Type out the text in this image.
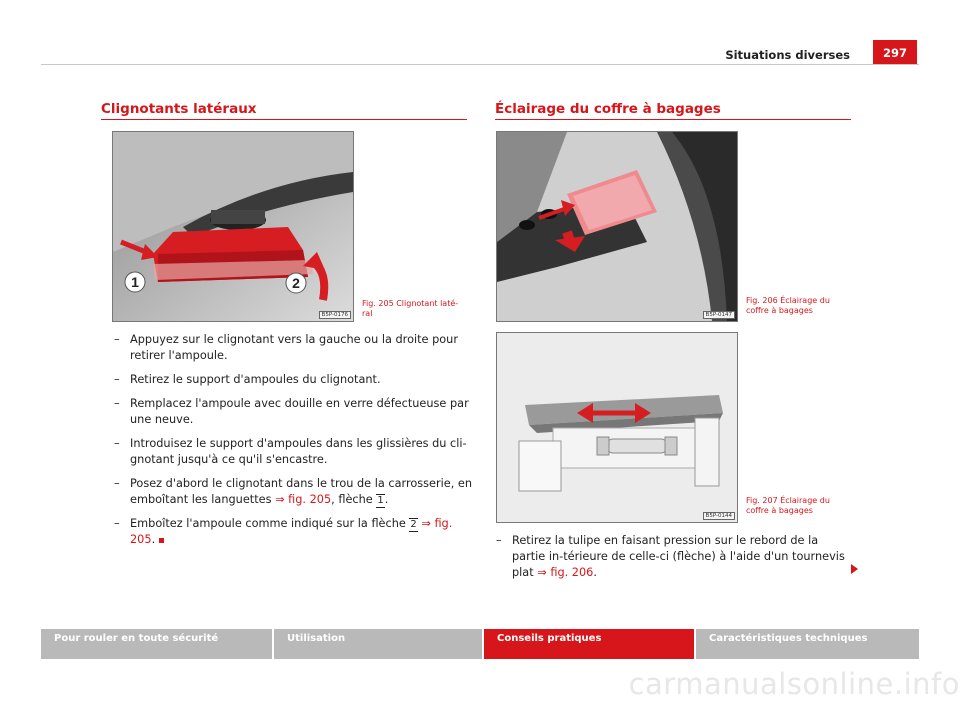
Situations diverses	297
Clignotants latéraux
1	2
B5P-0176
Fig. 205 Clignotant laté-
ral
– Appuyez sur le clignotant vers la gauche ou la droite pour retirer l'ampoule.
– Retirez le support d'ampoules du clignotant.
– Remplacez l'ampoule avec douille en verre défectueuse par une neuve.
– Introduisez le support d'ampoules dans les glissières du cli-gnotant jusqu'à ce qu'il s'encastre.
– Posez d'abord le clignotant dans le trou de la carrosserie, en emboîtant les languettes ⇒ fig. 205, flèche 1.
– Emboîtez l'ampoule comme indiqué sur la flèche 2 ⇒ fig. 205.
Éclairage du coffre à bagages
B5P-0147
Fig. 206 Éclairage du
coffre à bagages
B5P-0144
Fig. 207 Éclairage du
coffre à bagages
– Retirez la tulipe en faisant pression sur le rebord de la partie in-térieure de celle-ci (flèche) à l'aide d'un tournevis plat ⇒ fig. 206.
Pour rouler en toute sécurité	Utilisation	Conseils pratiques	Caractéristiques techniques
carmanualsonline.info
